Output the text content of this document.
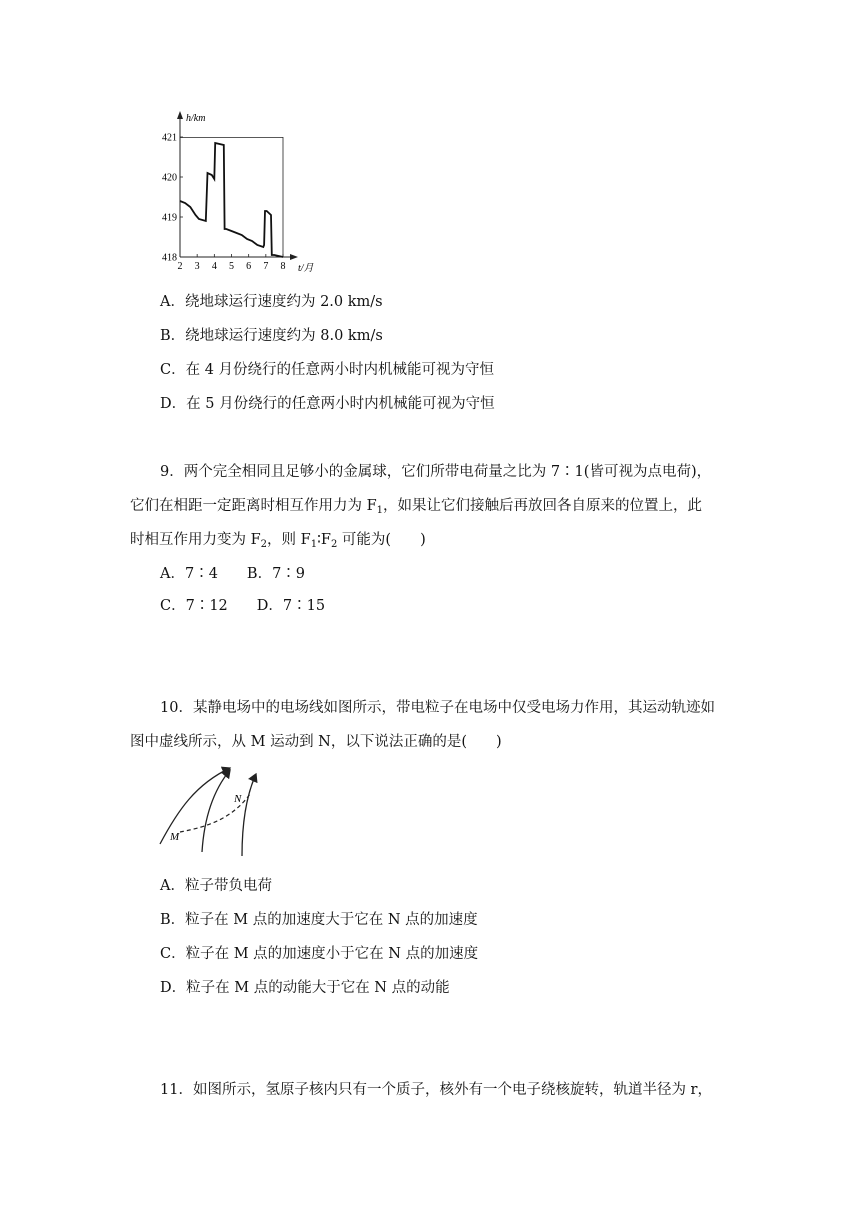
2 3 4 5 6 7 8
418
419
420
421
h/km
t/月
A．绕地球运行速度约为 2.0 km/s
B．绕地球运行速度约为 8.0 km/s
C．在 4 月份绕行的任意两小时内机械能可视为守恒
D．在 5 月份绕行的任意两小时内机械能可视为守恒
9．两个完全相同且足够小的金属球，它们所带电荷量之比为 7∶1(皆可视为点电荷)，
它们在相距一定距离时相互作用力为 $F_1$，如果让它们接触后再放回各自原来的位置上，此
时相互作用力变为 $F_2$，则 $F_1∶F_2$ 可能为(　　)
A．7∶4　　B．7∶9
C．7∶12　　D．7∶15
10．某静电场中的电场线如图所示，带电粒子在电场中仅受电场力作用，其运动轨迹如
图中虚线所示，从 M 运动到 N，以下说法正确的是(　　)
M
N
A．粒子带负电荷
B．粒子在 M 点的加速度大于它在 N 点的加速度
C．粒子在 M 点的加速度小于它在 N 点的加速度
D．粒子在 M 点的动能大于它在 N 点的动能
11．如图所示，氢原子核内只有一个质子，核外有一个电子绕核旋转，轨道半径为 r，
